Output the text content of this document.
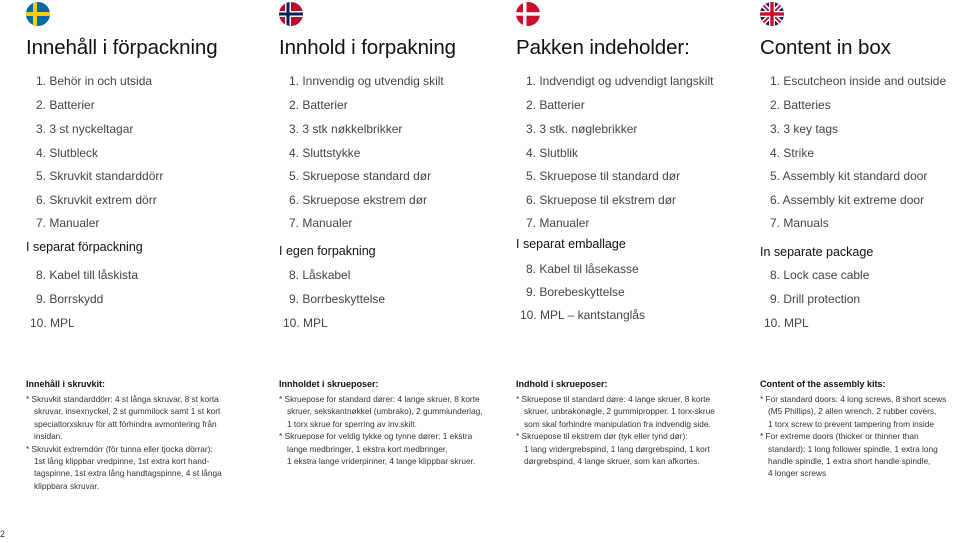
Innehåll i förpackning
1. Behör in och utsida
2. Batterier
3. 3 st nyckeltagar
4. Slutbleck
5. Skruvkit standarddörr
6. Skruvkit extrem dörr
7. Manualer
I separat förpackning
8. Kabel till låskista
9. Borrskydd
10. MPL
Innehåll i skruvkit:

* Skruvkit standarddörr: 4 st långa skruvar, 8 st korta

skruvar, insexnyckel, 2 st gummilock samt 1 st kort

specialtorxskruv för att förhindra avmontering från

insidan.

* Skruvkit extremdörr (för tunna eller tjocka dörrar):

1st lång klippbar vredpinne, 1st extra kort hand-

tagspinne, 1st extra lång handtagspinne, 4 st långa

klippbara skruvar.

Innhold i forpakning
1. Innvendig og utvendig skilt
2. Batterier
3. 3 stk nøkkelbrikker
4. Sluttstykke
5. Skruepose standard dør
6. Skruepose ekstrem dør
7. Manualer
I egen forpakning
8. Låskabel
9. Borrbeskyttelse
10. MPL
Innholdet i skrueposer:

* Skruepose for standard dører: 4 lange skruer, 8 korte

skruer, sekskantnøkkel (umbrako), 2 gummiunderlag,

1 torx skrue for sperring av inv.skilt.

* Skruepose for veldig tykke og tynne dører: 1 ekstra

lange medbringer, 1 ekstra kort medbringer,

1 ekstra lange vriderpinner, 4 lange klippbar skruer.

Pakken indeholder:
1. Indvendigt og udvendigt langskilt
2. Batterier
3. 3 stk. nøglebrikker
4. Slutblik
5. Skruepose til standard dør
6. Skruepose til ekstrem dør
7. Manualer
I separat emballage
8. Kabel til låsekasse
9. Borebeskyttelse
10. MPL – kantstanglås
Indhold i skrueposer:

* Skruepose til standard døre: 4 lange skruer, 8 korte

skruer, unbrakonøgle, 2 gummipropper. 1 torx-skrue

som skal forhindre manipulation fra indvendig side.

* Skruepose til ekstrem dør (tyk eller tynd dør):

1 lang vridergrebspind, 1 lang dørgrebspind, 1 kort

dørgrebspind, 4 lange skruer, som kan afkortes.

Content in box
1. Escutcheon inside and outside
2. Batteries
3. 3 key tags
4. Strike
5. Assembly kit standard door
6. Assembly kit extreme door
7. Manuals
In separate package
8. Lock case cable
9. Drill protection
10. MPL
Content of the assembly kits:

* For standard doors: 4 long screws, 8 short scews

(M5 Phillips), 2 allen wrench, 2 rubber covers,

1 torx screw to prevent tampering from inside

* For extreme doors (thicker or thinner than

standard): 1 long follower spindle, 1 extra long

handle spindle, 1 extra short handle spindle,

4 longer screws

2
